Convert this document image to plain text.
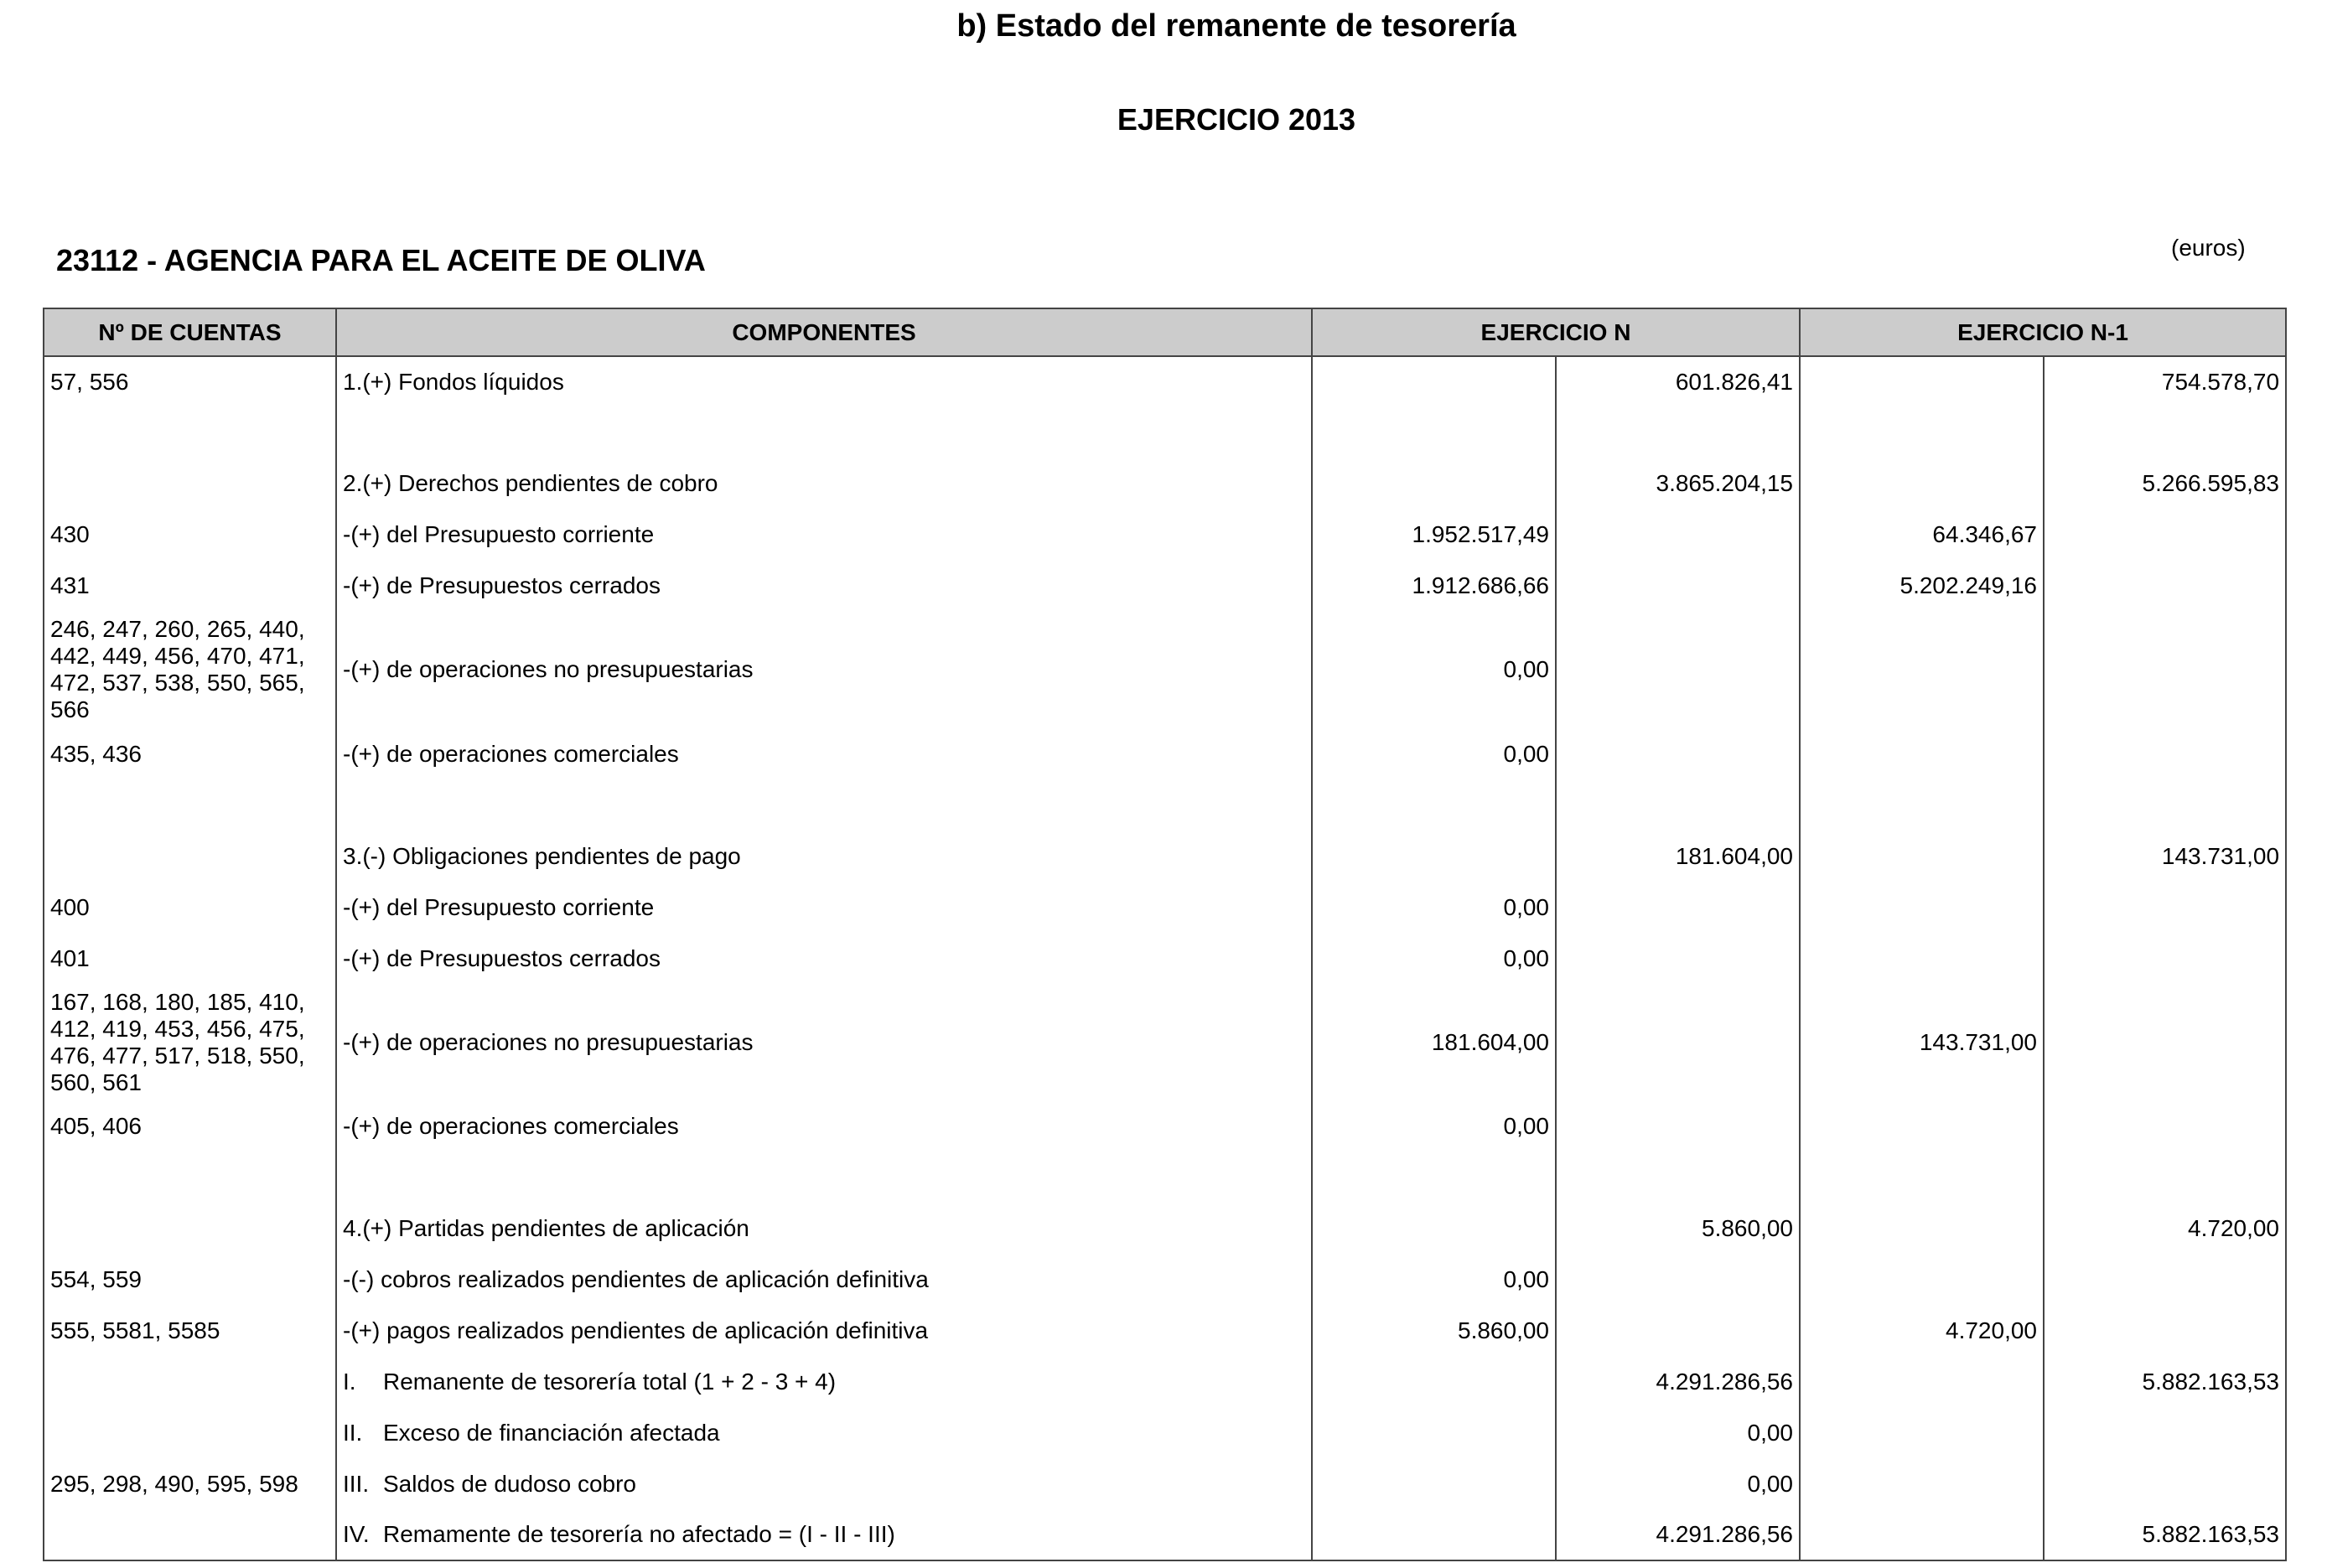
b) Estado del remanente de tesorería
EJERCICIO 2013
23112 - AGENCIA PARA EL ACEITE DE OLIVA	(euros)
Nº DE CUENTAS	COMPONENTES	EJERCICIO N		EJERCICIO N-1	
57, 556	1.(+) Fondos líquidos		601.826,41		754.578,70

	2.(+) Derechos pendientes de cobro		3.865.204,15		5.266.595,83
430	-(+) del Presupuesto corriente	1.952.517,49		64.346,67	
431	-(+) de Presupuestos cerrados	1.912.686,66		5.202.249,16	
246, 247, 260, 265, 440, 442, 449, 456, 470, 471, 472, 537, 538, 550, 565, 566	-(+) de operaciones no presupuestarias	0,00			
435, 436	-(+) de operaciones comerciales	0,00			

	3.(-) Obligaciones pendientes de pago		181.604,00		143.731,00
400	-(+) del Presupuesto corriente	0,00			
401	-(+) de Presupuestos cerrados	0,00			
167, 168, 180, 185, 410, 412, 419, 453, 456, 475, 476, 477, 517, 518, 550, 560, 561	-(+) de operaciones no presupuestarias	181.604,00		143.731,00	
405, 406	-(+) de operaciones comerciales	0,00			

	4.(+) Partidas pendientes de aplicación		5.860,00		4.720,00
554, 559	-(-) cobros realizados pendientes de aplicación definitiva	0,00			
555, 5581, 5585	-(+) pagos realizados pendientes de aplicación definitiva	5.860,00		4.720,00	
	I. Remanente de tesorería total (1 + 2 - 3 + 4)		4.291.286,56		5.882.163,53
	II. Exceso de financiación afectada		0,00		
295, 298, 490, 595, 598	III. Saldos de dudoso cobro		0,00		
	IV. Remamente de tesorería no afectado = (I - II - III)		4.291.286,56		5.882.163,53
